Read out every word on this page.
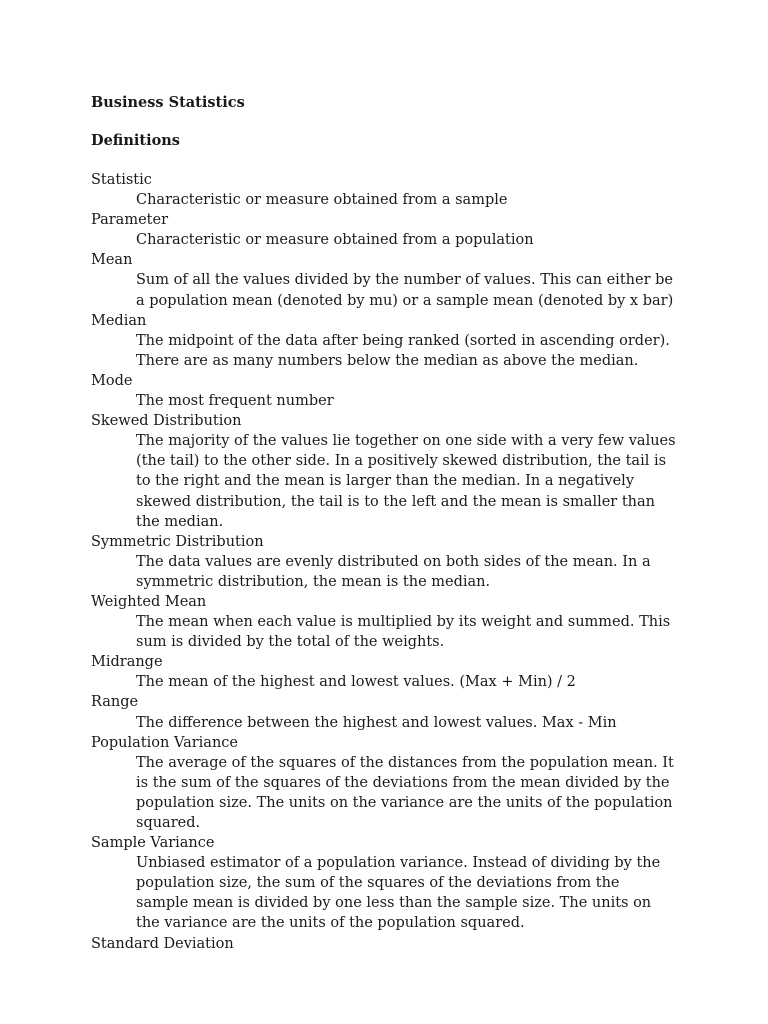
Business Statistics
Definitions
Statistic
Characteristic or measure obtained from a sample
Parameter
Characteristic or measure obtained from a population
Mean
Sum of all the values divided by the number of values. This can either be a population mean (denoted by mu) or a sample mean (denoted by x bar)
Median
The midpoint of the data after being ranked (sorted in ascending order). There are as many numbers below the median as above the median.
Mode
The most frequent number
Skewed Distribution
The majority of the values lie together on one side with a very few values (the tail) to the other side. In a positively skewed distribution, the tail is to the right and the mean is larger than the median. In a negatively skewed distribution, the tail is to the left and the mean is smaller than the median.
Symmetric Distribution
The data values are evenly distributed on both sides of the mean. In a symmetric distribution, the mean is the median.
Weighted Mean
The mean when each value is multiplied by its weight and summed. This sum is divided by the total of the weights.
Midrange
The mean of the highest and lowest values. (Max + Min) / 2
Range
The difference between the highest and lowest values. Max - Min
Population Variance
The average of the squares of the distances from the population mean. It is the sum of the squares of the deviations from the mean divided by the population size. The units on the variance are the units of the population squared.
Sample Variance
Unbiased estimator of a population variance. Instead of dividing by the population size, the sum of the squares of the deviations from the sample mean is divided by one less than the sample size. The units on the variance are the units of the population squared.
Standard Deviation
